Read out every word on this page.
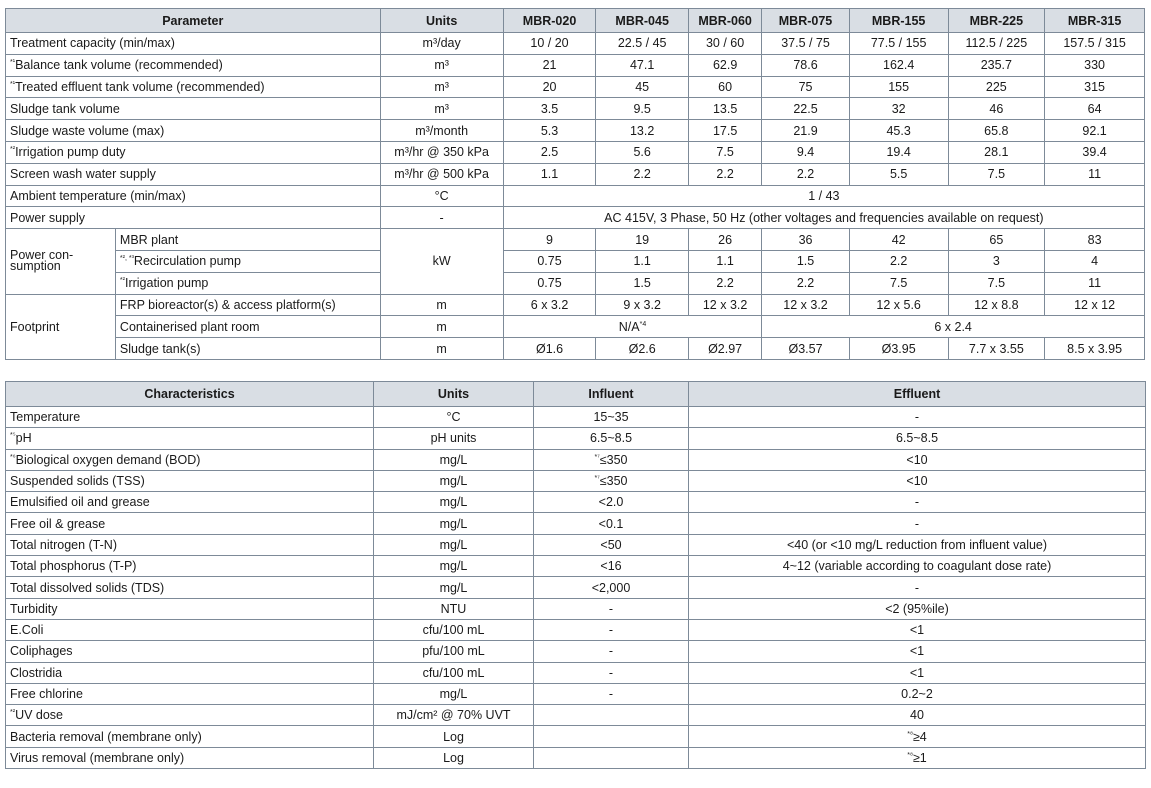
Parameter		Units	MBR-020	MBR-045	MBR-060	MBR-075	MBR-155	MBR-225	MBR-315
Treatment capacity (min/max)		m³/day	10 / 20	22.5 / 45	30 / 60	37.5 / 75	77.5 / 155	112.5 / 225	157.5 / 315
$^{*^1}$Balance tank volume (recommended)		m³	21	47.1	62.9	78.6	162.4	235.7	330
$^{*^1}$Treated effluent tank volume (recommended)		m³	20	45	60	75	155	225	315
Sludge tank volume		m³	3.5	9.5	13.5	22.5	32	46	64
Sludge waste volume (max)		m³/month	5.3	13.2	17.5	21.9	45.3	65.8	92.1
$^{*^2}$Irrigation pump duty		m³/hr @ 350 kPa	2.5	5.6	7.5	9.4	19.4	28.1	39.4
Screen wash water supply		m³/hr @ 500 kPa	1.1	2.2	2.2	2.2	5.5	7.5	11
Ambient temperature (min/max)		°C	1 / 43						
Power supply		-	AC 415V, 3 Phase, 50 Hz (other voltages and frequencies available on request)						

Power con-sumption	MBR plant	kW	9	19	26	36	42	65	83
	$^{*^2, *^3}$Recirculation pump		0.75	1.1	1.1	1.5	2.2	3	4
	$^{*^2}$Irrigation pump		0.75	1.5	2.2	2.2	7.5	7.5	11
Footprint	FRP bioreactor(s) & access platform(s)	m	6 x 3.2	9 x 3.2	12 x 3.2	12 x 3.2	12 x 5.6	12 x 8.8	12 x 12
	Containerised plant room	m	$N/A^{*4}$			6 x 2.4			
	Sludge tank(s)	m	Ø1.6	Ø2.6	Ø2.97	Ø3.57	Ø3.95	7.7 x 3.55	8.5 x 3.95
Characteristics	Units	Influent	Effluent
Temperature	°C	15~35	-
$^{*^5}$pH	pH units	6.5~8.5	6.5~8.5
$^{*^6}$Biological oxygen demand (BOD)	mg/L	$^{*^7}$≤350	<10
Suspended solids (TSS)	mg/L	$^{*^7}$≤350	<10
Emulsified oil and grease	mg/L	<2.0	-
Free oil & grease	mg/L	<0.1	-
Total nitrogen (T-N)	mg/L	<50	<40 (or <10 mg/L reduction from influent value)
Total phosphorus (T-P)	mg/L	<16	4~12 (variable according to coagulant dose rate)
Total dissolved solids (TDS)	mg/L	<2,000	-
Turbidity	NTU	-	<2 (95%ile)
E.Coli	cfu/100 mL	-	<1
Coliphages	pfu/100 mL	-	<1
Clostridia	cfu/100 mL	-	<1
Free chlorine	mg/L	-	0.2~2
$^{*^2}$UV dose	mJ/cm² @ 70% UVT		40
Bacteria removal (membrane only)	Log		$^{*^8}$≥4
Virus removal (membrane only)	Log		$^{*^8}$≥1
